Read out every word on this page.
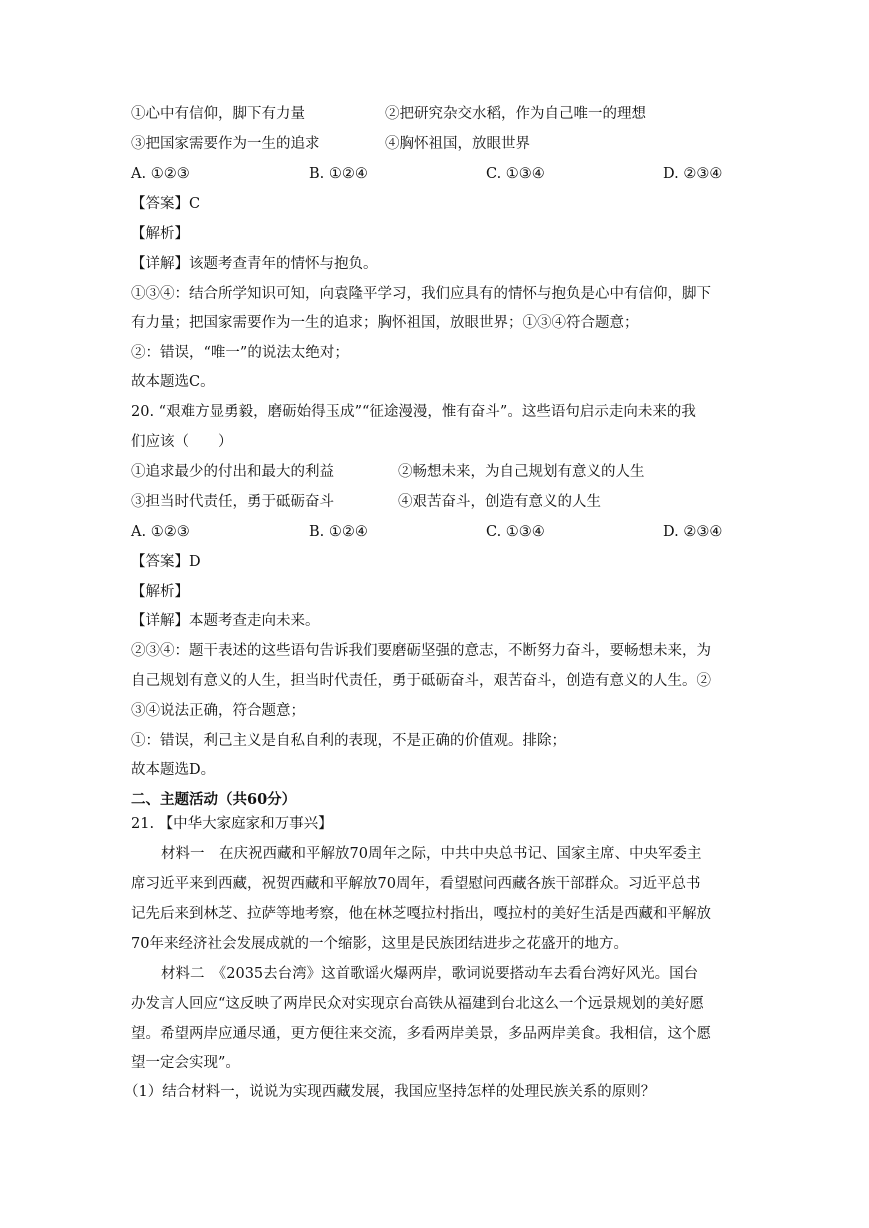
①心中有信仰，脚下有力量	②把研究杂交水稻，作为自己唯一的理想
③把国家需要作为一生的追求	④胸怀祖国，放眼世界
A. ①②③	B. ①②④	C. ①③④	D. ②③④
【答案】C
【解析】
【详解】该题考查青年的情怀与抱负。
①③④：结合所学知识可知，向袁隆平学习，我们应具有的情怀与抱负是心中有信仰，脚下
有力量；把国家需要作为一生的追求；胸怀祖国，放眼世界；①③④符合题意；
②：错误，“唯一”的说法太绝对；
故本题选C。
20. “艰难方显勇毅，磨砺始得玉成”“征途漫漫，惟有奋斗”。这些语句启示走向未来的我
们应该（　　）
①追求最少的付出和最大的利益	②畅想未来，为自己规划有意义的人生
③担当时代责任，勇于砥砺奋斗	④艰苦奋斗，创造有意义的人生
A. ①②③	B. ①②④	C. ①③④	D. ②③④
【答案】D
【解析】
【详解】本题考查走向未来。
②③④：题干表述的这些语句告诉我们要磨砺坚强的意志，不断努力奋斗，要畅想未来，为
自己规划有意义的人生，担当时代责任，勇于砥砺奋斗，艰苦奋斗，创造有意义的人生。②
③④说法正确，符合题意；
①：错误，利己主义是自私自利的表现，不是正确的价值观。排除；
故本题选D。
二、主题活动（共60分）
21. 【中华大家庭家和万事兴】
材料一　在庆祝西藏和平解放70周年之际，中共中央总书记、国家主席、中央军委主
席习近平来到西藏，祝贺西藏和平解放70周年，看望慰问西藏各族干部群众。习近平总书
记先后来到林芝、拉萨等地考察，他在林芝嘎拉村指出，嘎拉村的美好生活是西藏和平解放
70年来经济社会发展成就的一个缩影，这里是民族团结进步之花盛开的地方。
材料二　《2035去台湾》这首歌谣火爆两岸，歌词说要搭动车去看台湾好风光。国台
办发言人回应“这反映了两岸民众对实现京台高铁从福建到台北这么一个远景规划的美好愿
望。希望两岸应通尽通，更方便往来交流，多看两岸美景，多品两岸美食。我相信，这个愿
望一定会实现”。
（1）结合材料一，说说为实现西藏发展，我国应坚持怎样的处理民族关系的原则？
